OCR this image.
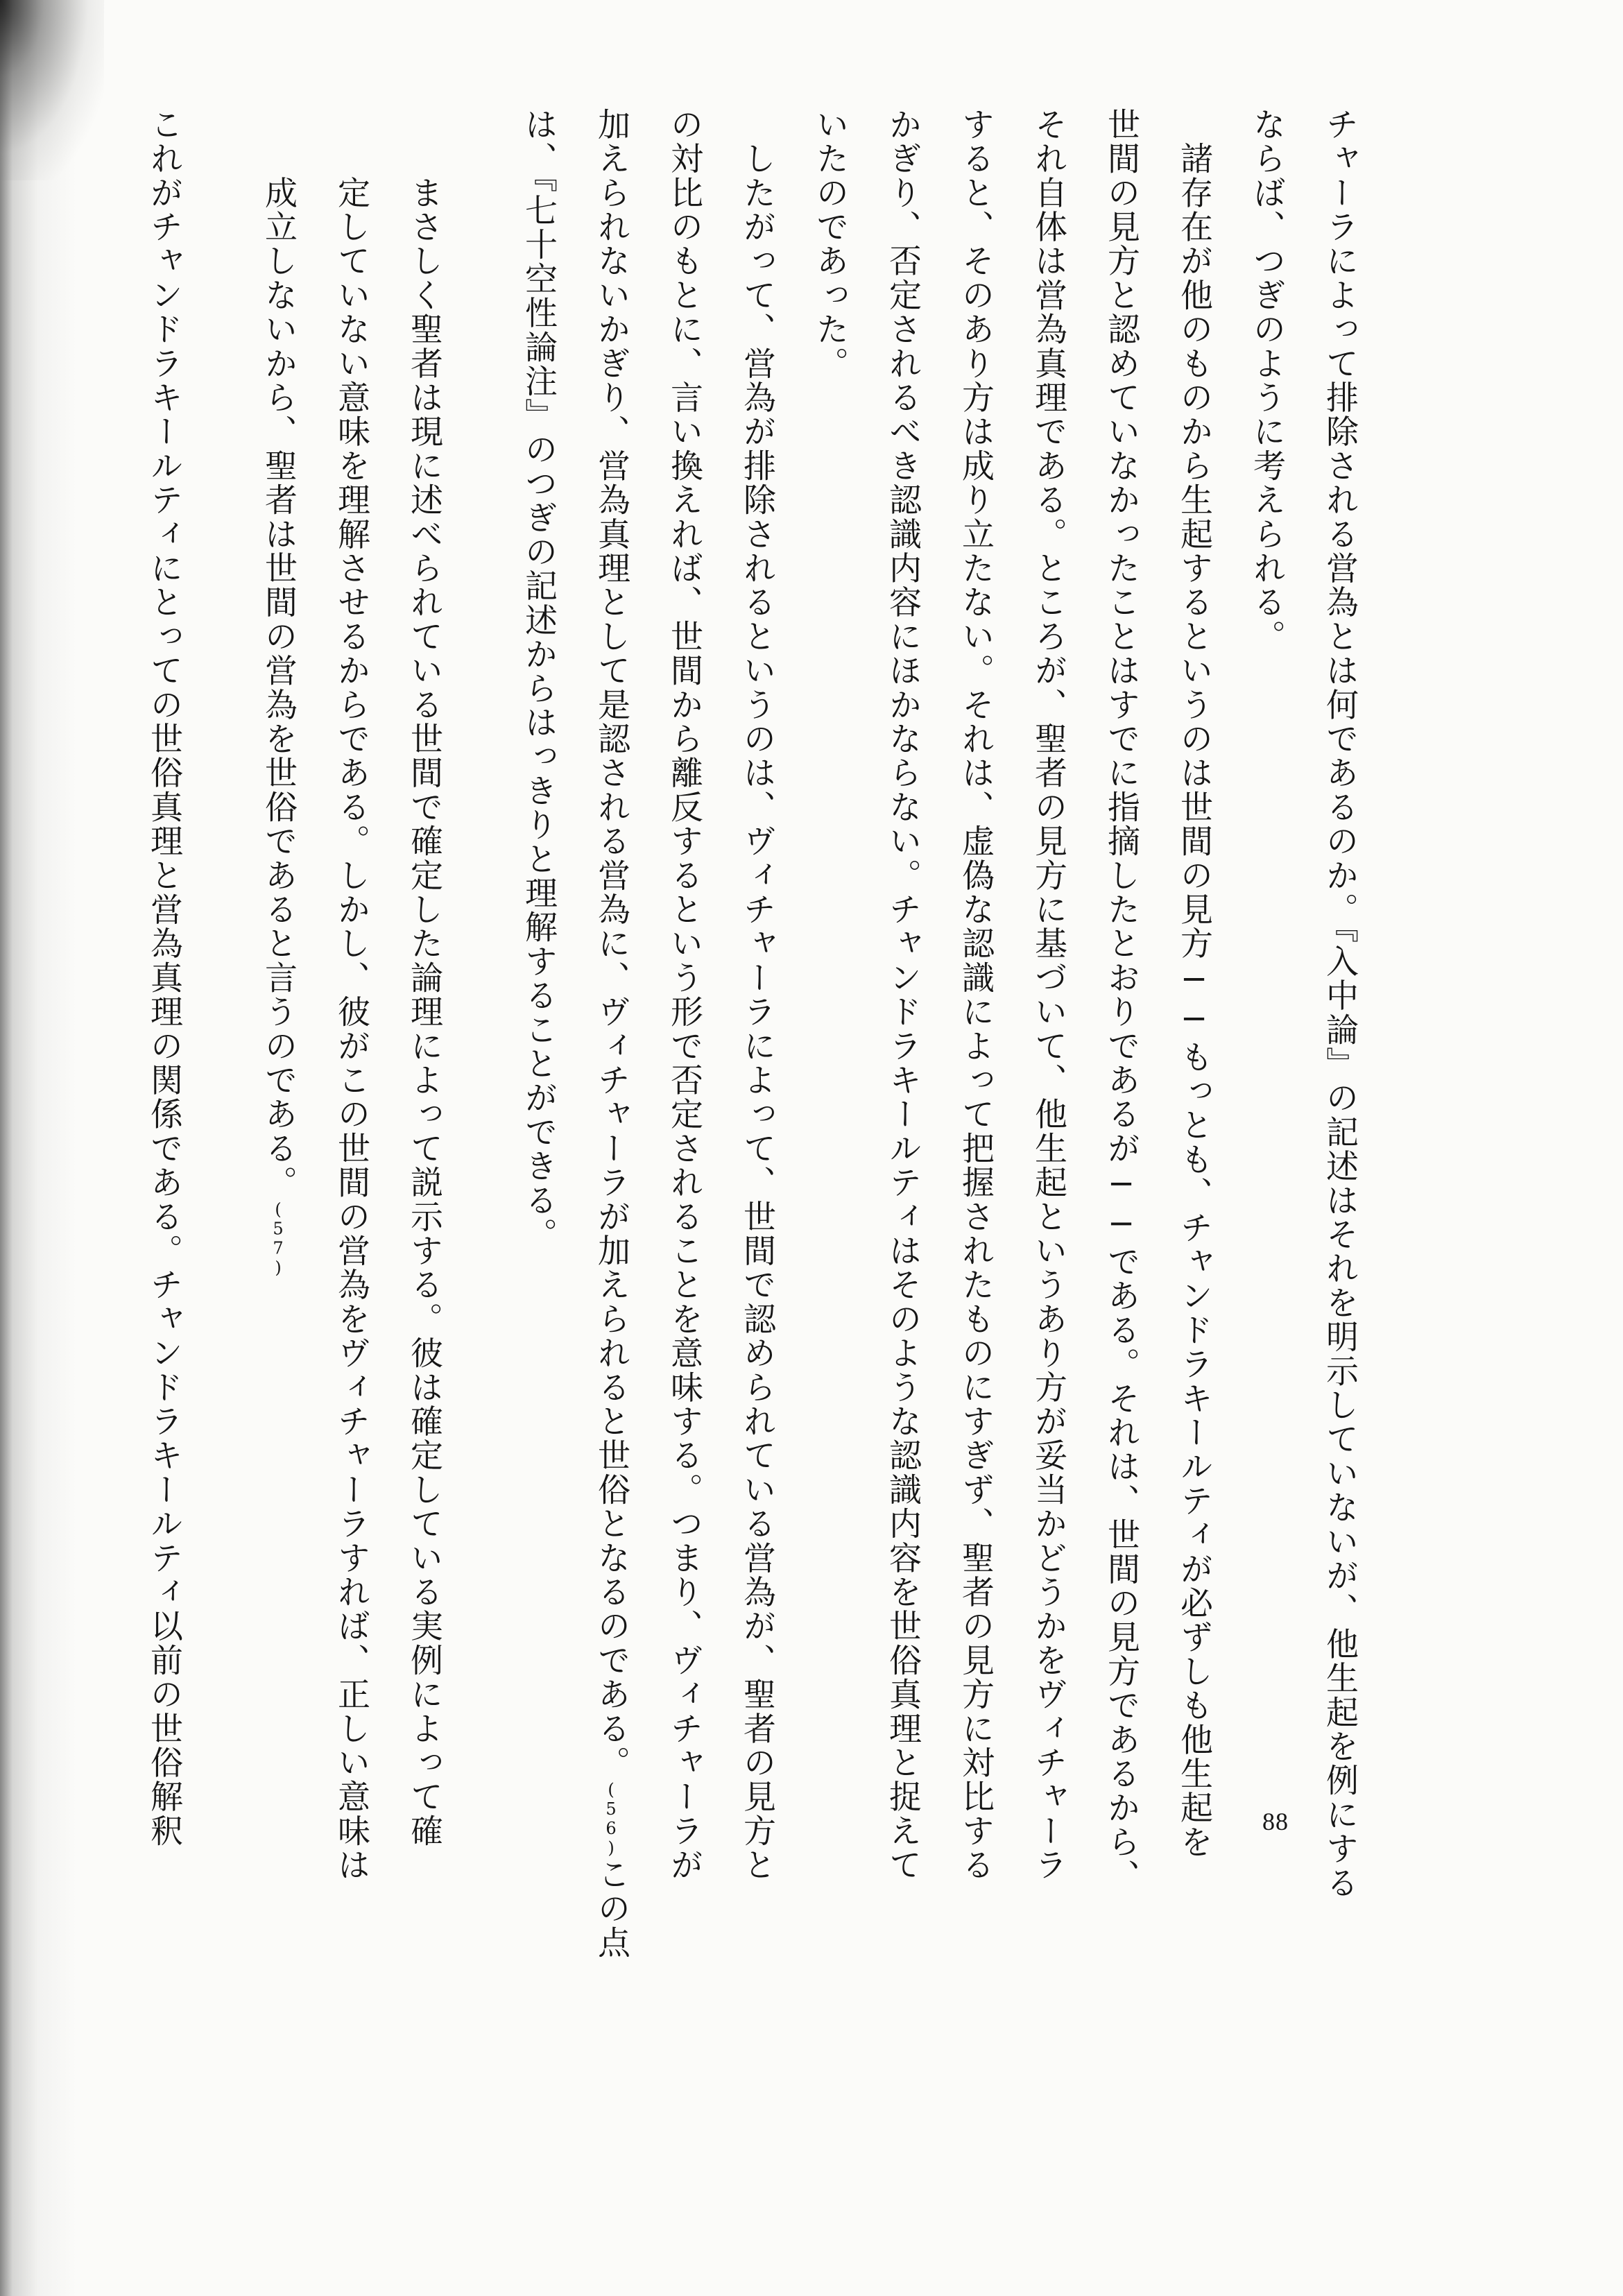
チャーラによって排除される営為とは何であるのか。『入中論』の記述はそれを明示していないが、他生起を例にする
ならば、つぎのように考えられる。
　諸存在が他のものから生起するというのは世間の見方──もっとも、チャンドラキールティが必ずしも他生起を
世間の見方と認めていなかったことはすでに指摘したとおりであるが──である。それは、世間の見方であるから、
それ自体は営為真理である。ところが、聖者の見方に基づいて、他生起というあり方が妥当かどうかをヴィチャーラ
すると、そのあり方は成り立たない。それは、虚偽な認識によって把握されたものにすぎず、聖者の見方に対比する
かぎり、否定されるべき認識内容にほかならない。チャンドラキールティはそのような認識内容を世俗真理と捉えて
いたのであった。
　したがって、営為が排除されるというのは、ヴィチャーラによって、世間で認められている営為が、聖者の見方と
の対比のもとに、言い換えれば、世間から離反するという形で否定されることを意味する。つまり、ヴィチャーラが
加えられないかぎり、営為真理として是認される営為に、ヴィチャーラが加えられると世俗となるのである。(56)この点
は、『七十空性論注』のつぎの記述からはっきりと理解することができる。
　　まさしく聖者は現に述べられている世間で確定した論理によって説示する。彼は確定している実例によって確
　　定していない意味を理解させるからである。しかし、彼がこの世間の営為をヴィチャーラすれば、正しい意味は
　　成立しないから、聖者は世間の営為を世俗であると言うのである。(57)
これがチャンドラキールティにとっての世俗真理と営為真理の関係である。チャンドラキールティ以前の世俗解釈	88
